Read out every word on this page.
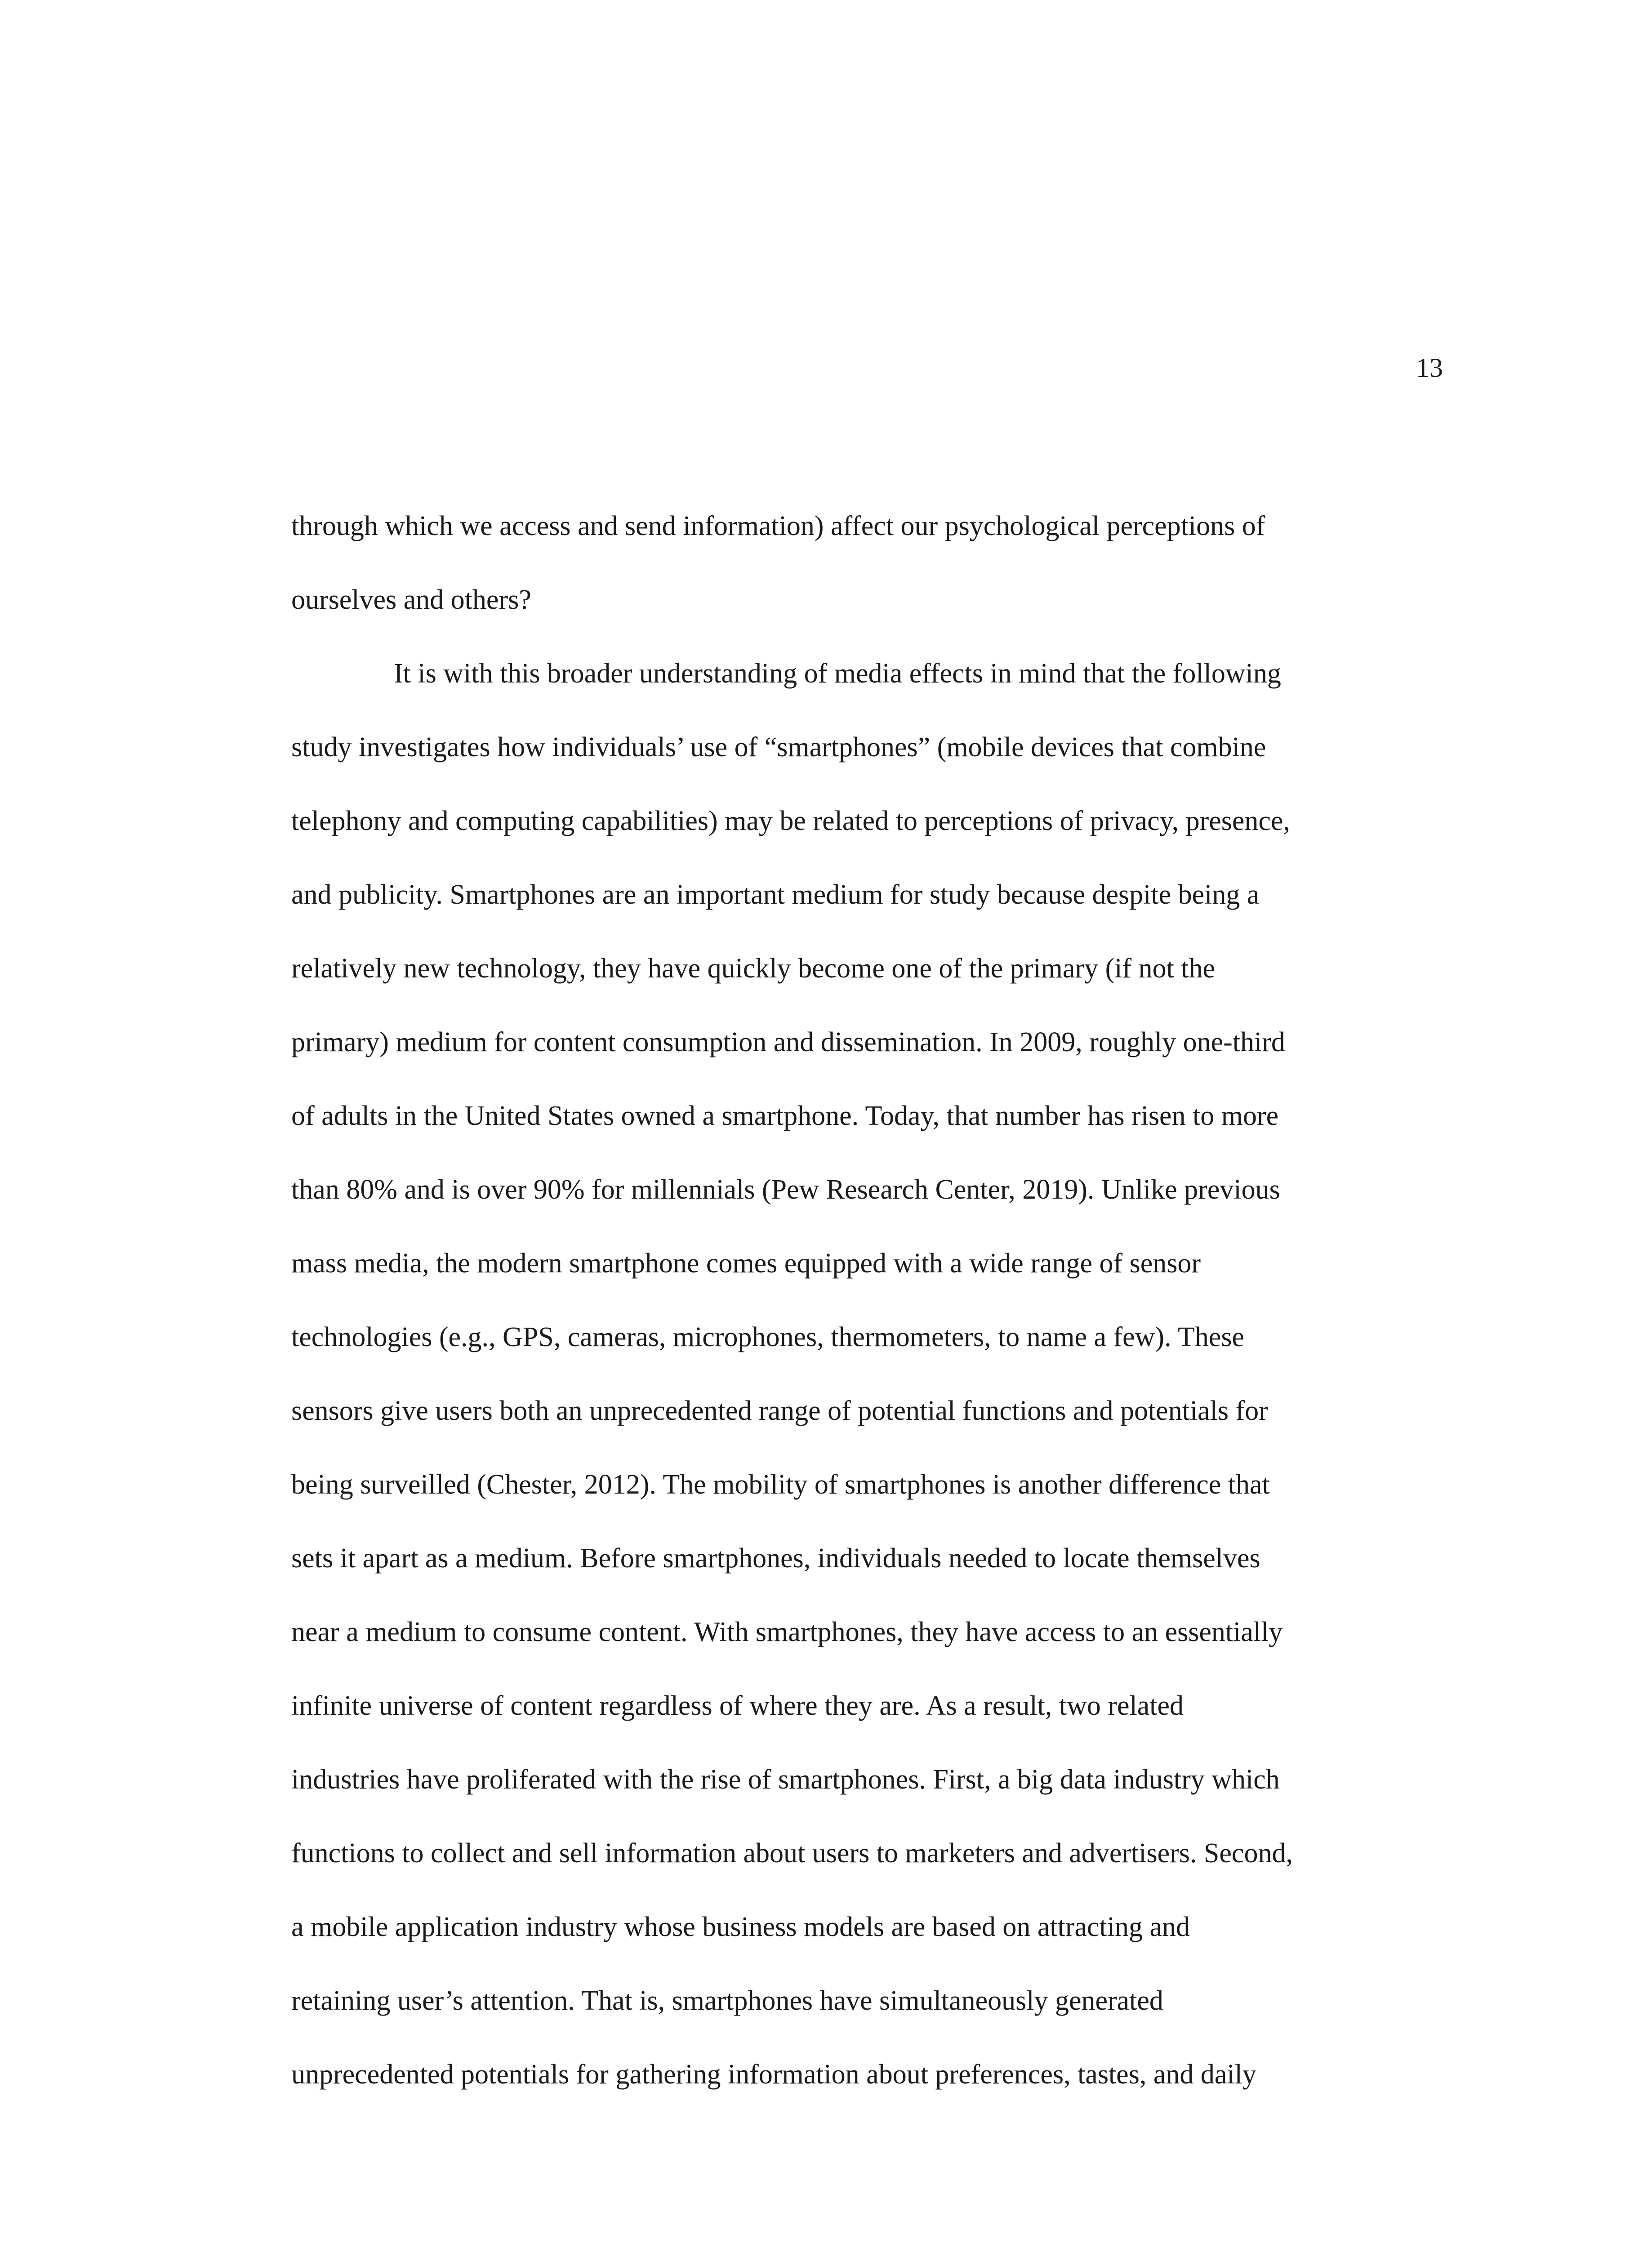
13
through which we access and send information) affect our psychological perceptions of
ourselves and others?
It is with this broader understanding of media effects in mind that the following
study investigates how individuals’ use of “smartphones” (mobile devices that combine
telephony and computing capabilities) may be related to perceptions of privacy, presence,
and publicity. Smartphones are an important medium for study because despite being a
relatively new technology, they have quickly become one of the primary (if not the
primary) medium for content consumption and dissemination. In 2009, roughly one-third
of adults in the United States owned a smartphone. Today, that number has risen to more
than 80% and is over 90% for millennials (Pew Research Center, 2019). Unlike previous
mass media, the modern smartphone comes equipped with a wide range of sensor
technologies (e.g., GPS, cameras, microphones, thermometers, to name a few). These
sensors give users both an unprecedented range of potential functions and potentials for
being surveilled (Chester, 2012). The mobility of smartphones is another difference that
sets it apart as a medium. Before smartphones, individuals needed to locate themselves
near a medium to consume content. With smartphones, they have access to an essentially
infinite universe of content regardless of where they are. As a result, two related
industries have proliferated with the rise of smartphones. First, a big data industry which
functions to collect and sell information about users to marketers and advertisers. Second,
a mobile application industry whose business models are based on attracting and
retaining user’s attention. That is, smartphones have simultaneously generated
unprecedented potentials for gathering information about preferences, tastes, and daily
